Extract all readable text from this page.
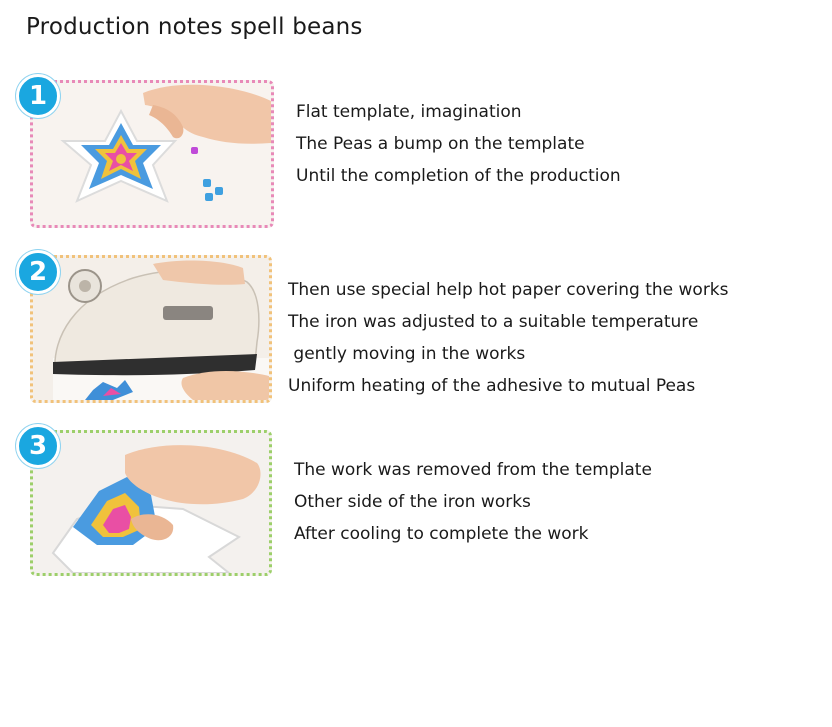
Production notes spell beans
1
Flat template, imagination
The Peas a bump on the template
Until the completion of the production
2
Then use special help hot paper covering the works
The iron was adjusted to a suitable temperature
gently moving in the works
Uniform heating of the adhesive to mutual Peas
3
The work was removed from the template
Other side of the iron works
After cooling to complete the work
